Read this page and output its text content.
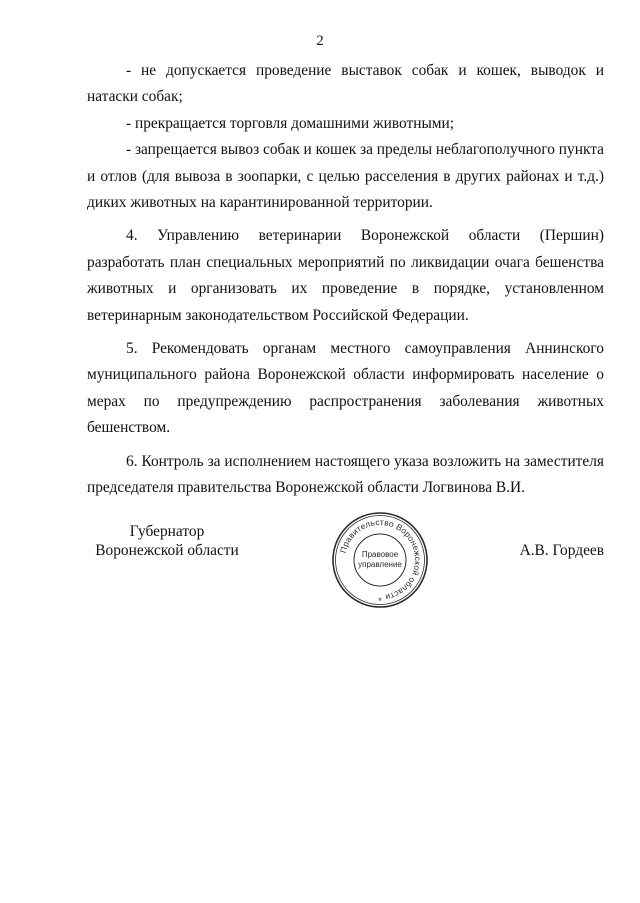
2

- не допускается проведение выставок собак и кошек, выводок и натаски собак;

- прекращается торговля домашними животными;

- запрещается вывоз собак и кошек за пределы неблагополучного пункта и отлов (для вывоза в зоопарки, с целью расселения в других районах и т.д.) диких животных на карантинированной территории.

4. Управлению ветеринарии Воронежской области (Першин) разработать план специальных мероприятий по ликвидации очага бешенства животных и организовать их проведение в порядке, установленном ветеринарным законодательством Российской Федерации.

5. Рекомендовать органам местного самоуправления Аннинского муниципального района Воронежской области информировать население о мерах по предупреждению распространения заболевания животных бешенством.

6. Контроль за исполнением настоящего указа возложить на заместителя председателя правительства Воронежской области Логвинова В.И.

Губернатор
Воронежской области	Правительство Воронежской области
Правовое
управление
*
А.В. Гордеев
